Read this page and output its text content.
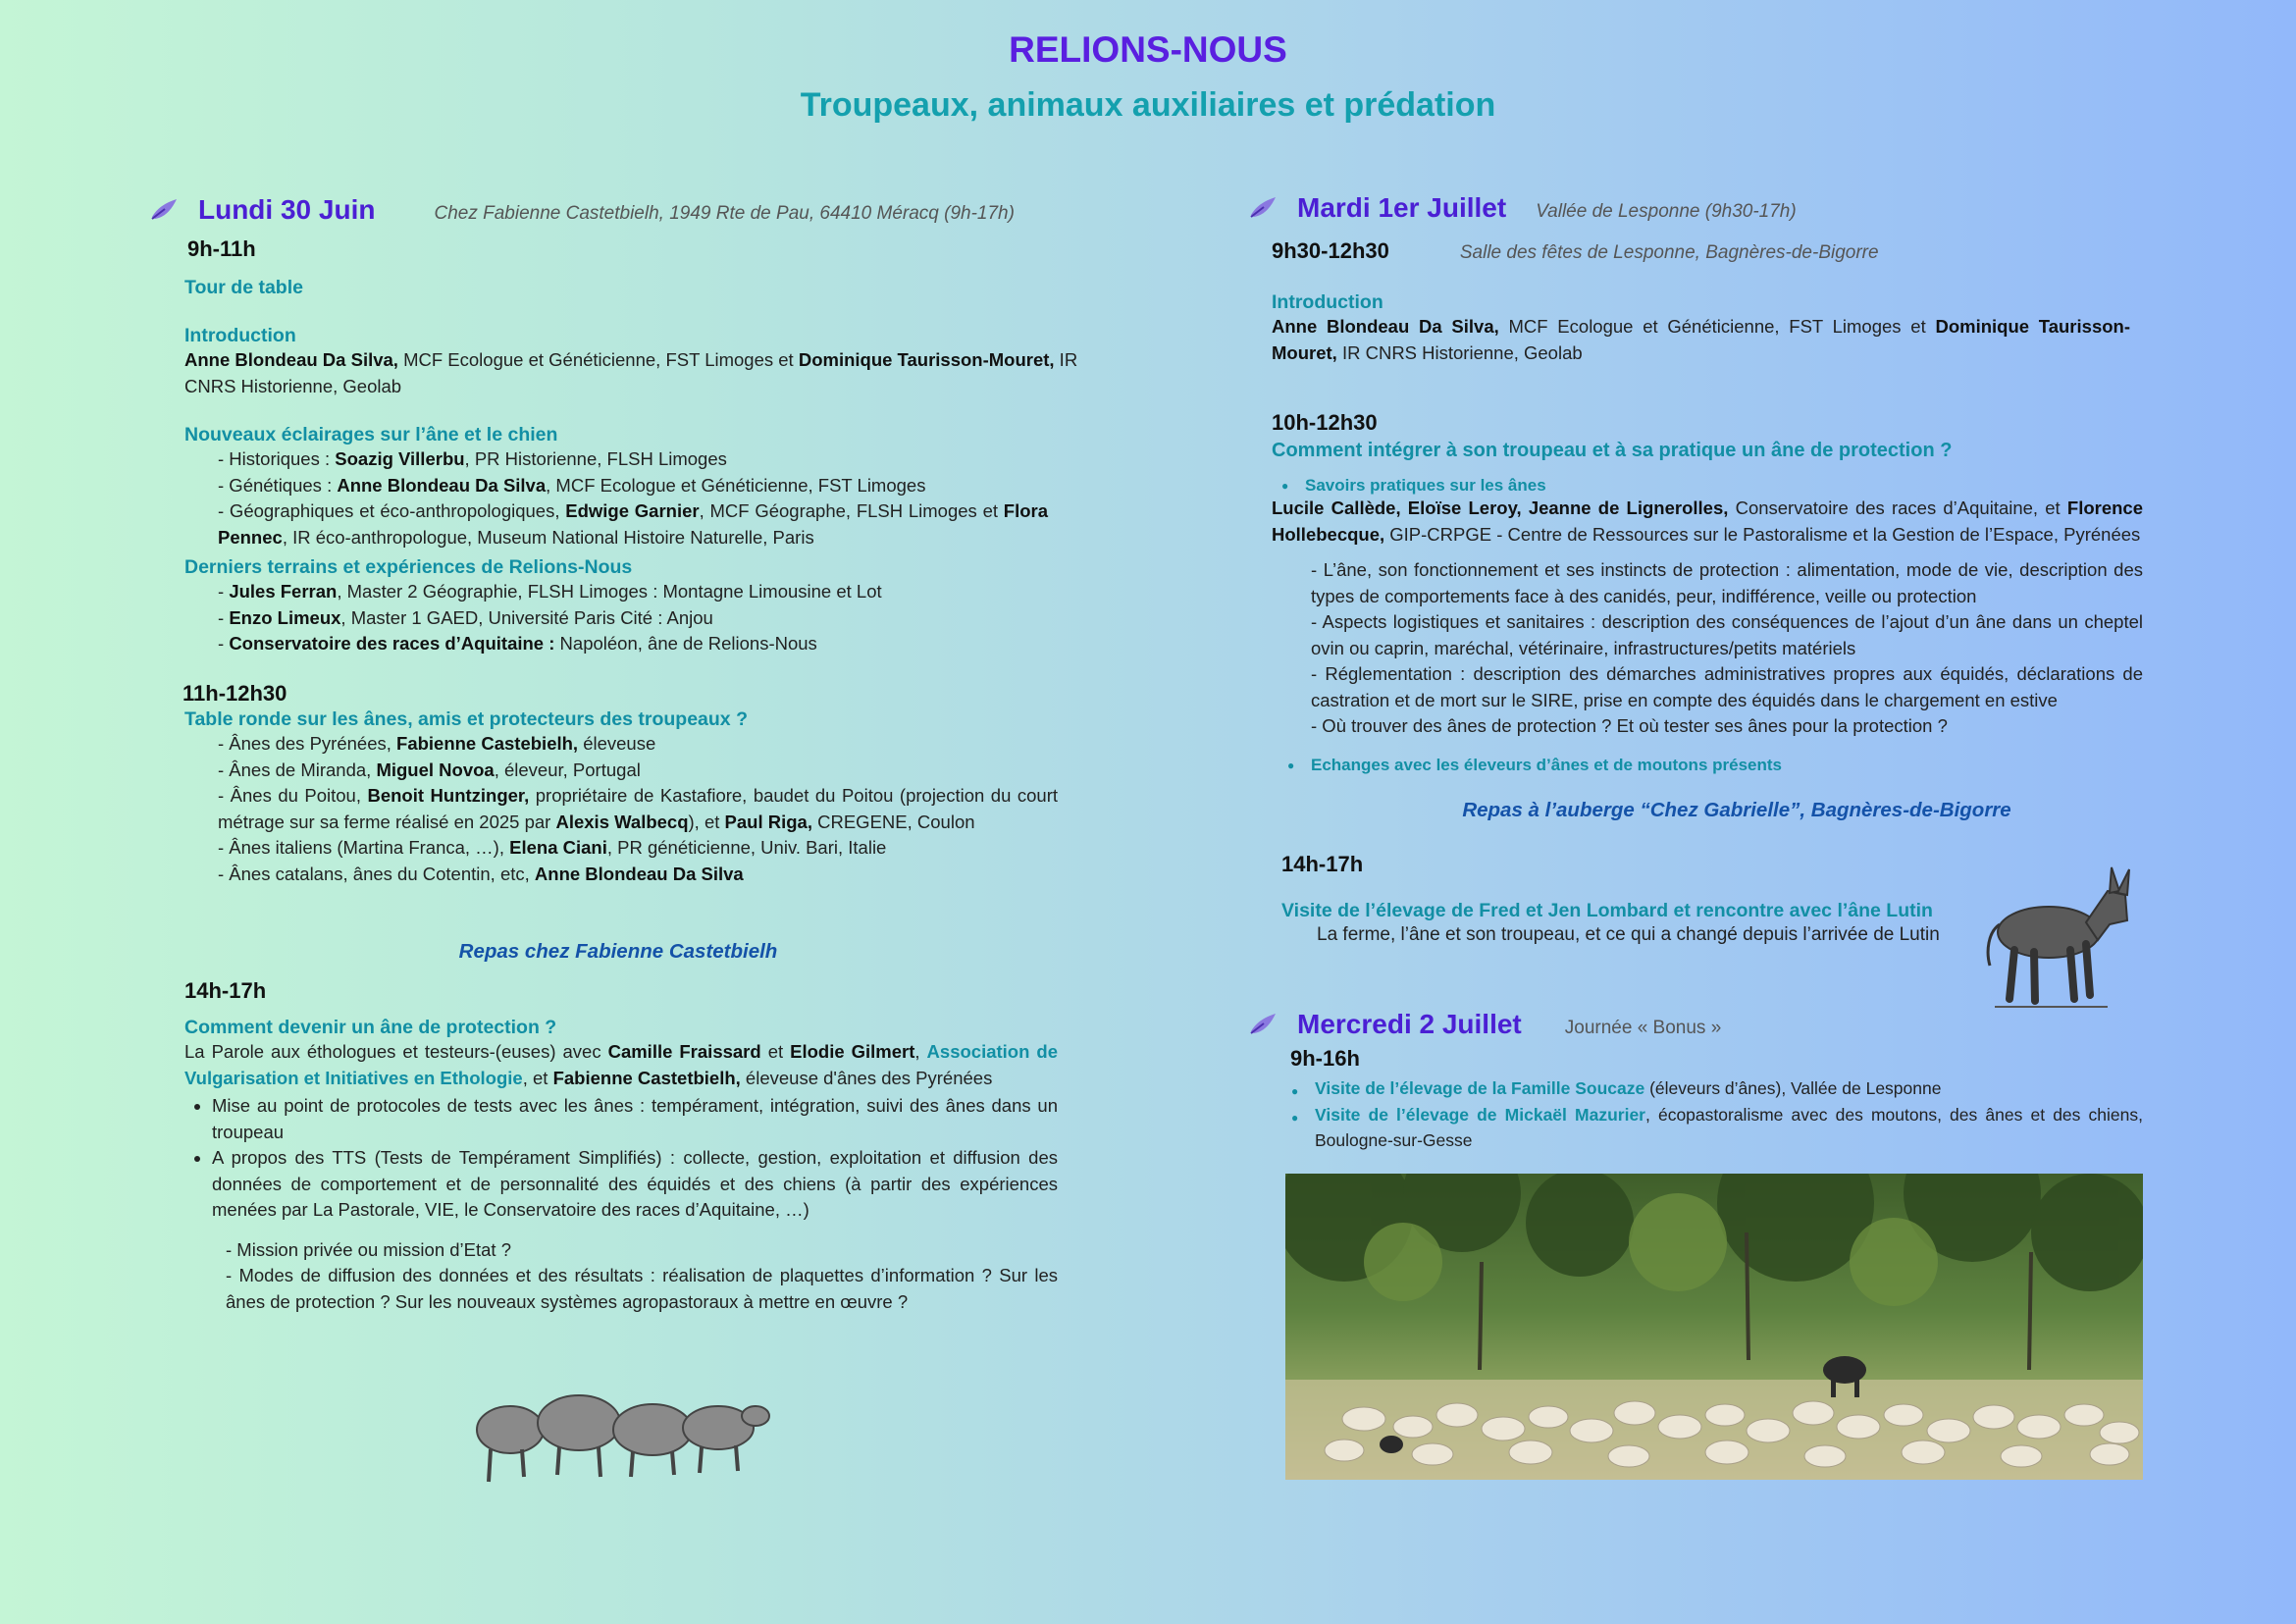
RELIONS-NOUS
Troupeaux, animaux auxiliaires et prédation
Lundi 30 Juin	Chez Fabienne Castetbielh, 1949 Rte de Pau, 64410 Méracq (9h-17h)
9h-11h
Tour de table
Introduction
Anne Blondeau Da Silva, MCF Ecologue et Généticienne, FST Limoges et Dominique Taurisson-Mouret, IR CNRS Historienne, Geolab
Nouveaux éclairages sur l’âne et le chien
- Historiques : Soazig Villerbu, PR Historienne, FLSH Limoges
- Génétiques : Anne Blondeau Da Silva, MCF Ecologue et Généticienne, FST Limoges
- Géographiques et éco-anthropologiques, Edwige Garnier, MCF Géographe, FLSH Limoges et Flora Pennec, IR éco-anthropologue, Museum National Histoire Naturelle, Paris
Derniers terrains et expériences de Relions-Nous
- Jules Ferran, Master 2 Géographie, FLSH Limoges : Montagne Limousine et Lot
- Enzo Limeux, Master 1 GAED, Université Paris Cité : Anjou
- Conservatoire des races d’Aquitaine : Napoléon, âne de Relions-Nous
11h-12h30
Table ronde sur les ânes, amis et protecteurs des troupeaux ?
- Ânes des Pyrénées, Fabienne Castebielh, éleveuse
- Ânes de Miranda, Miguel Novoa, éleveur, Portugal
- Ânes du Poitou, Benoit Huntzinger, propriétaire de Kastafiore, baudet du Poitou (projection du court métrage sur sa ferme réalisé en 2025 par Alexis Walbecq), et Paul Riga, CREGENE, Coulon
- Ânes italiens (Martina Franca, …), Elena Ciani, PR généticienne, Univ. Bari, Italie
- Ânes catalans, ânes du Cotentin, etc, Anne Blondeau Da Silva
Repas chez Fabienne Castetbielh
14h-17h
Comment devenir un âne de protection ?
La Parole aux éthologues et testeurs-(euses) avec Camille Fraissard et Elodie Gilmert, Association de Vulgarisation et Initiatives en Ethologie, et Fabienne Castetbielh, éleveuse d'ânes des Pyrénées
• Mise au point de protocoles de tests avec les ânes : tempérament, intégration, suivi des ânes dans un troupeau
• A propos des TTS (Tests de Tempérament Simplifiés) : collecte, gestion, exploitation et diffusion des données de comportement et de personnalité des équidés et des chiens (à partir des expériences menées par La Pastorale, VIE, le Conservatoire des races d’Aquitaine, …)
- Mission privée ou mission d’Etat ?
- Modes de diffusion des données et des résultats : réalisation de plaquettes d’information ? Sur les ânes de protection ? Sur les nouveaux systèmes agropastoraux à mettre en œuvre ?
Mardi 1er Juillet Vallée de Lesponne (9h30-17h)
9h30-12h30	Salle des fêtes de Lesponne, Bagnères-de-Bigorre
Introduction
Anne Blondeau Da Silva, MCF Ecologue et Généticienne, FST Limoges et Dominique Taurisson-Mouret, IR CNRS Historienne, Geolab
10h-12h30
Comment intégrer à son troupeau et à sa pratique un âne de protection ?
● Savoirs pratiques sur les ânes
Lucile Callède, Eloïse Leroy, Jeanne de Lignerolles, Conservatoire des races d’Aquitaine, et Florence Hollebecque, GIP-CRPGE - Centre de Ressources sur le Pastoralisme et la Gestion de l’Espace, Pyrénées
- L’âne, son fonctionnement et ses instincts de protection : alimentation, mode de vie, description des types de comportements face à des canidés, peur, indifférence, veille ou protection
- Aspects logistiques et sanitaires : description des conséquences de l’ajout d’un âne dans un cheptel ovin ou caprin, maréchal, vétérinaire, infrastructures/petits matériels
- Réglementation : description des démarches administratives propres aux équidés, déclarations de castration et de mort sur le SIRE, prise en compte des équidés dans le chargement en estive
- Où trouver des ânes de protection ? Et où tester ses ânes pour la protection ?
● Echanges avec les éleveurs d’ânes et de moutons présents
Repas à l’auberge “Chez Gabrielle”, Bagnères-de-Bigorre
14h-17h
Visite de l’élevage de Fred et Jen Lombard et rencontre avec l’âne Lutin
La ferme, l’âne et son troupeau, et ce qui a changé depuis l’arrivée de Lutin
Mercredi 2 Juillet Journée « Bonus »
9h-16h
● Visite de l’élevage de la Famille Soucaze (éleveurs d’ânes), Vallée de Lesponne
● Visite de l’élevage de Mickaël Mazurier, écopastoralisme avec des moutons, des ânes et des chiens, Boulogne-sur-Gesse
